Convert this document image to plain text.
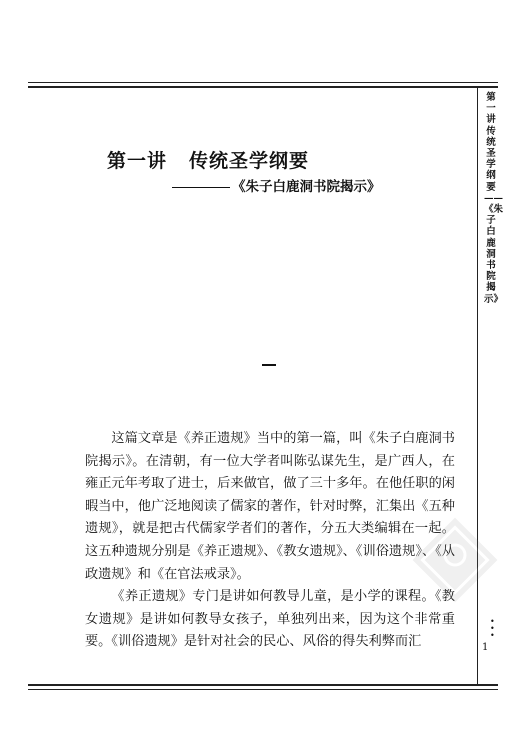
第一讲 传统圣学纲要——《朱子白鹿洞书院揭示》
第一讲 传统圣学纲要
《朱子白鹿洞书院揭示》

这篇文章是《养正遗规》当中的第一篇，叫《朱子白鹿洞书院揭示》。在清朝，有一位大学者叫陈弘谋先生，是广西人，在雍正元年考取了进士，后来做官，做了三十多年。在他任职的闲暇当中，他广泛地阅读了儒家的著作，针对时弊，汇集出《五种遗规》，就是把古代儒家学者们的著作，分五大类编辑在一起。这五种遗规分别是《养正遗规》、《教女遗规》、《训俗遗规》、《从政遗规》和《在官法戒录》。

《养正遗规》专门是讲如何教导儿童，是小学的课程。《教女遗规》是讲如何教导女孩子，单独列出来，因为这个非常重要。《训俗遗规》是针对社会的民心、风俗的得失利弊而汇

•
•
•
1
